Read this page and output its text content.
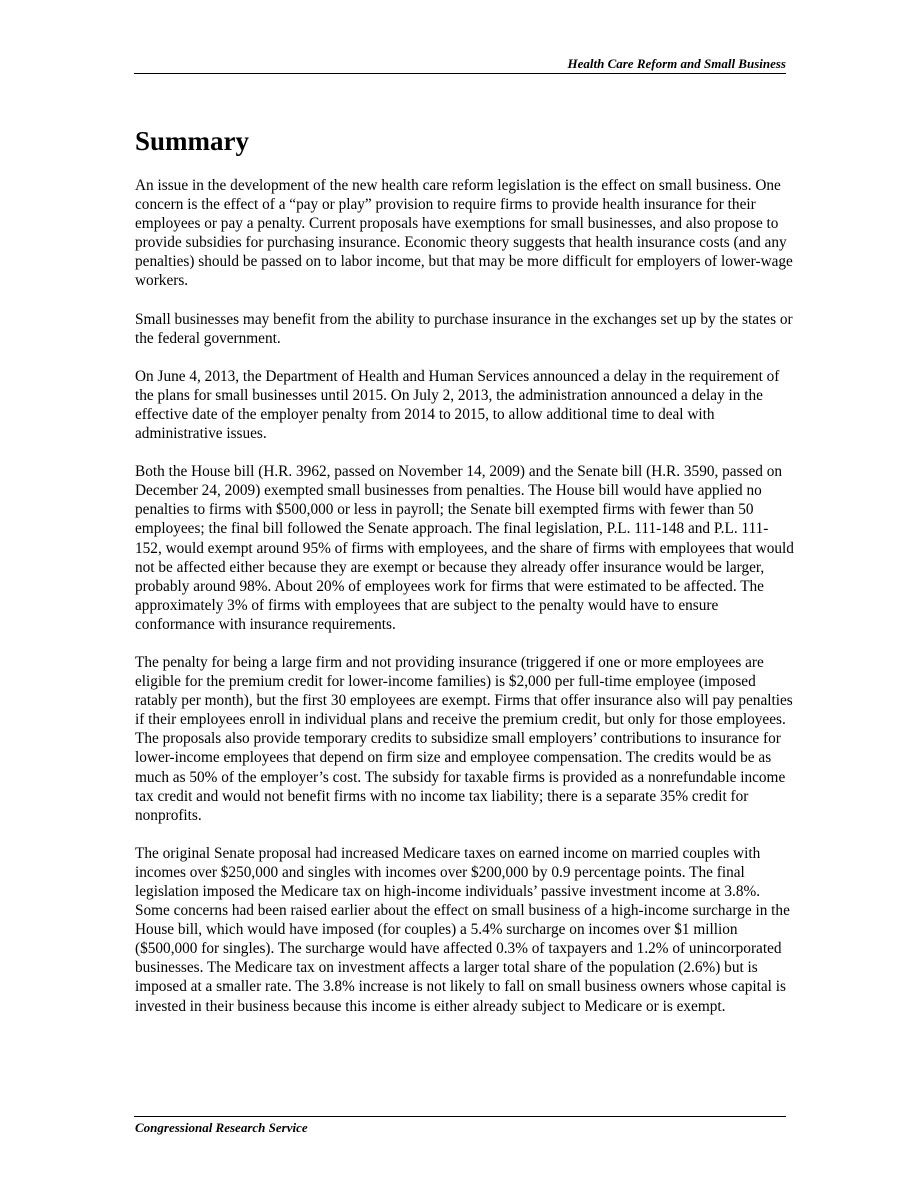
Health Care Reform and Small Business
Summary

An issue in the development of the new health care reform legislation is the effect on small business. One concern is the effect of a “pay or play” provision to require firms to provide health insurance for their employees or pay a penalty. Current proposals have exemptions for small businesses, and also propose to provide subsidies for purchasing insurance. Economic theory suggests that health insurance costs (and any penalties) should be passed on to labor income, but that may be more difficult for employers of lower-wage workers.

Small businesses may benefit from the ability to purchase insurance in the exchanges set up by the states or the federal government.

On June 4, 2013, the Department of Health and Human Services announced a delay in the requirement of the plans for small businesses until 2015. On July 2, 2013, the administration announced a delay in the effective date of the employer penalty from 2014 to 2015, to allow additional time to deal with administrative issues.

Both the House bill (H.R. 3962, passed on November 14, 2009) and the Senate bill (H.R. 3590, passed on December 24, 2009) exempted small businesses from penalties. The House bill would have applied no penalties to firms with $500,000 or less in payroll; the Senate bill exempted firms with fewer than 50 employees; the final bill followed the Senate approach. The final legislation, P.L. 111-148 and P.L. 111-152, would exempt around 95% of firms with employees, and the share of firms with employees that would not be affected either because they are exempt or because they already offer insurance would be larger, probably around 98%. About 20% of employees work for firms that were estimated to be affected. The approximately 3% of firms with employees that are subject to the penalty would have to ensure conformance with insurance requirements.

The penalty for being a large firm and not providing insurance (triggered if one or more employees are eligible for the premium credit for lower-income families) is $2,000 per full-time employee (imposed ratably per month), but the first 30 employees are exempt. Firms that offer insurance also will pay penalties if their employees enroll in individual plans and receive the premium credit, but only for those employees. The proposals also provide temporary credits to subsidize small employers’ contributions to insurance for lower-income employees that depend on firm size and employee compensation. The credits would be as much as 50% of the employer’s cost. The subsidy for taxable firms is provided as a nonrefundable income tax credit and would not benefit firms with no income tax liability; there is a separate 35% credit for nonprofits.

The original Senate proposal had increased Medicare taxes on earned income on married couples with incomes over $250,000 and singles with incomes over $200,000 by 0.9 percentage points. The final legislation imposed the Medicare tax on high-income individuals’ passive investment income at 3.8%. Some concerns had been raised earlier about the effect on small business of a high-income surcharge in the House bill, which would have imposed (for couples) a 5.4% surcharge on incomes over $1 million ($500,000 for singles). The surcharge would have affected 0.3% of taxpayers and 1.2% of unincorporated businesses. The Medicare tax on investment affects a larger total share of the population (2.6%) but is imposed at a smaller rate. The 3.8% increase is not likely to fall on small business owners whose capital is invested in their business because this income is either already subject to Medicare or is exempt.

Congressional Research Service
